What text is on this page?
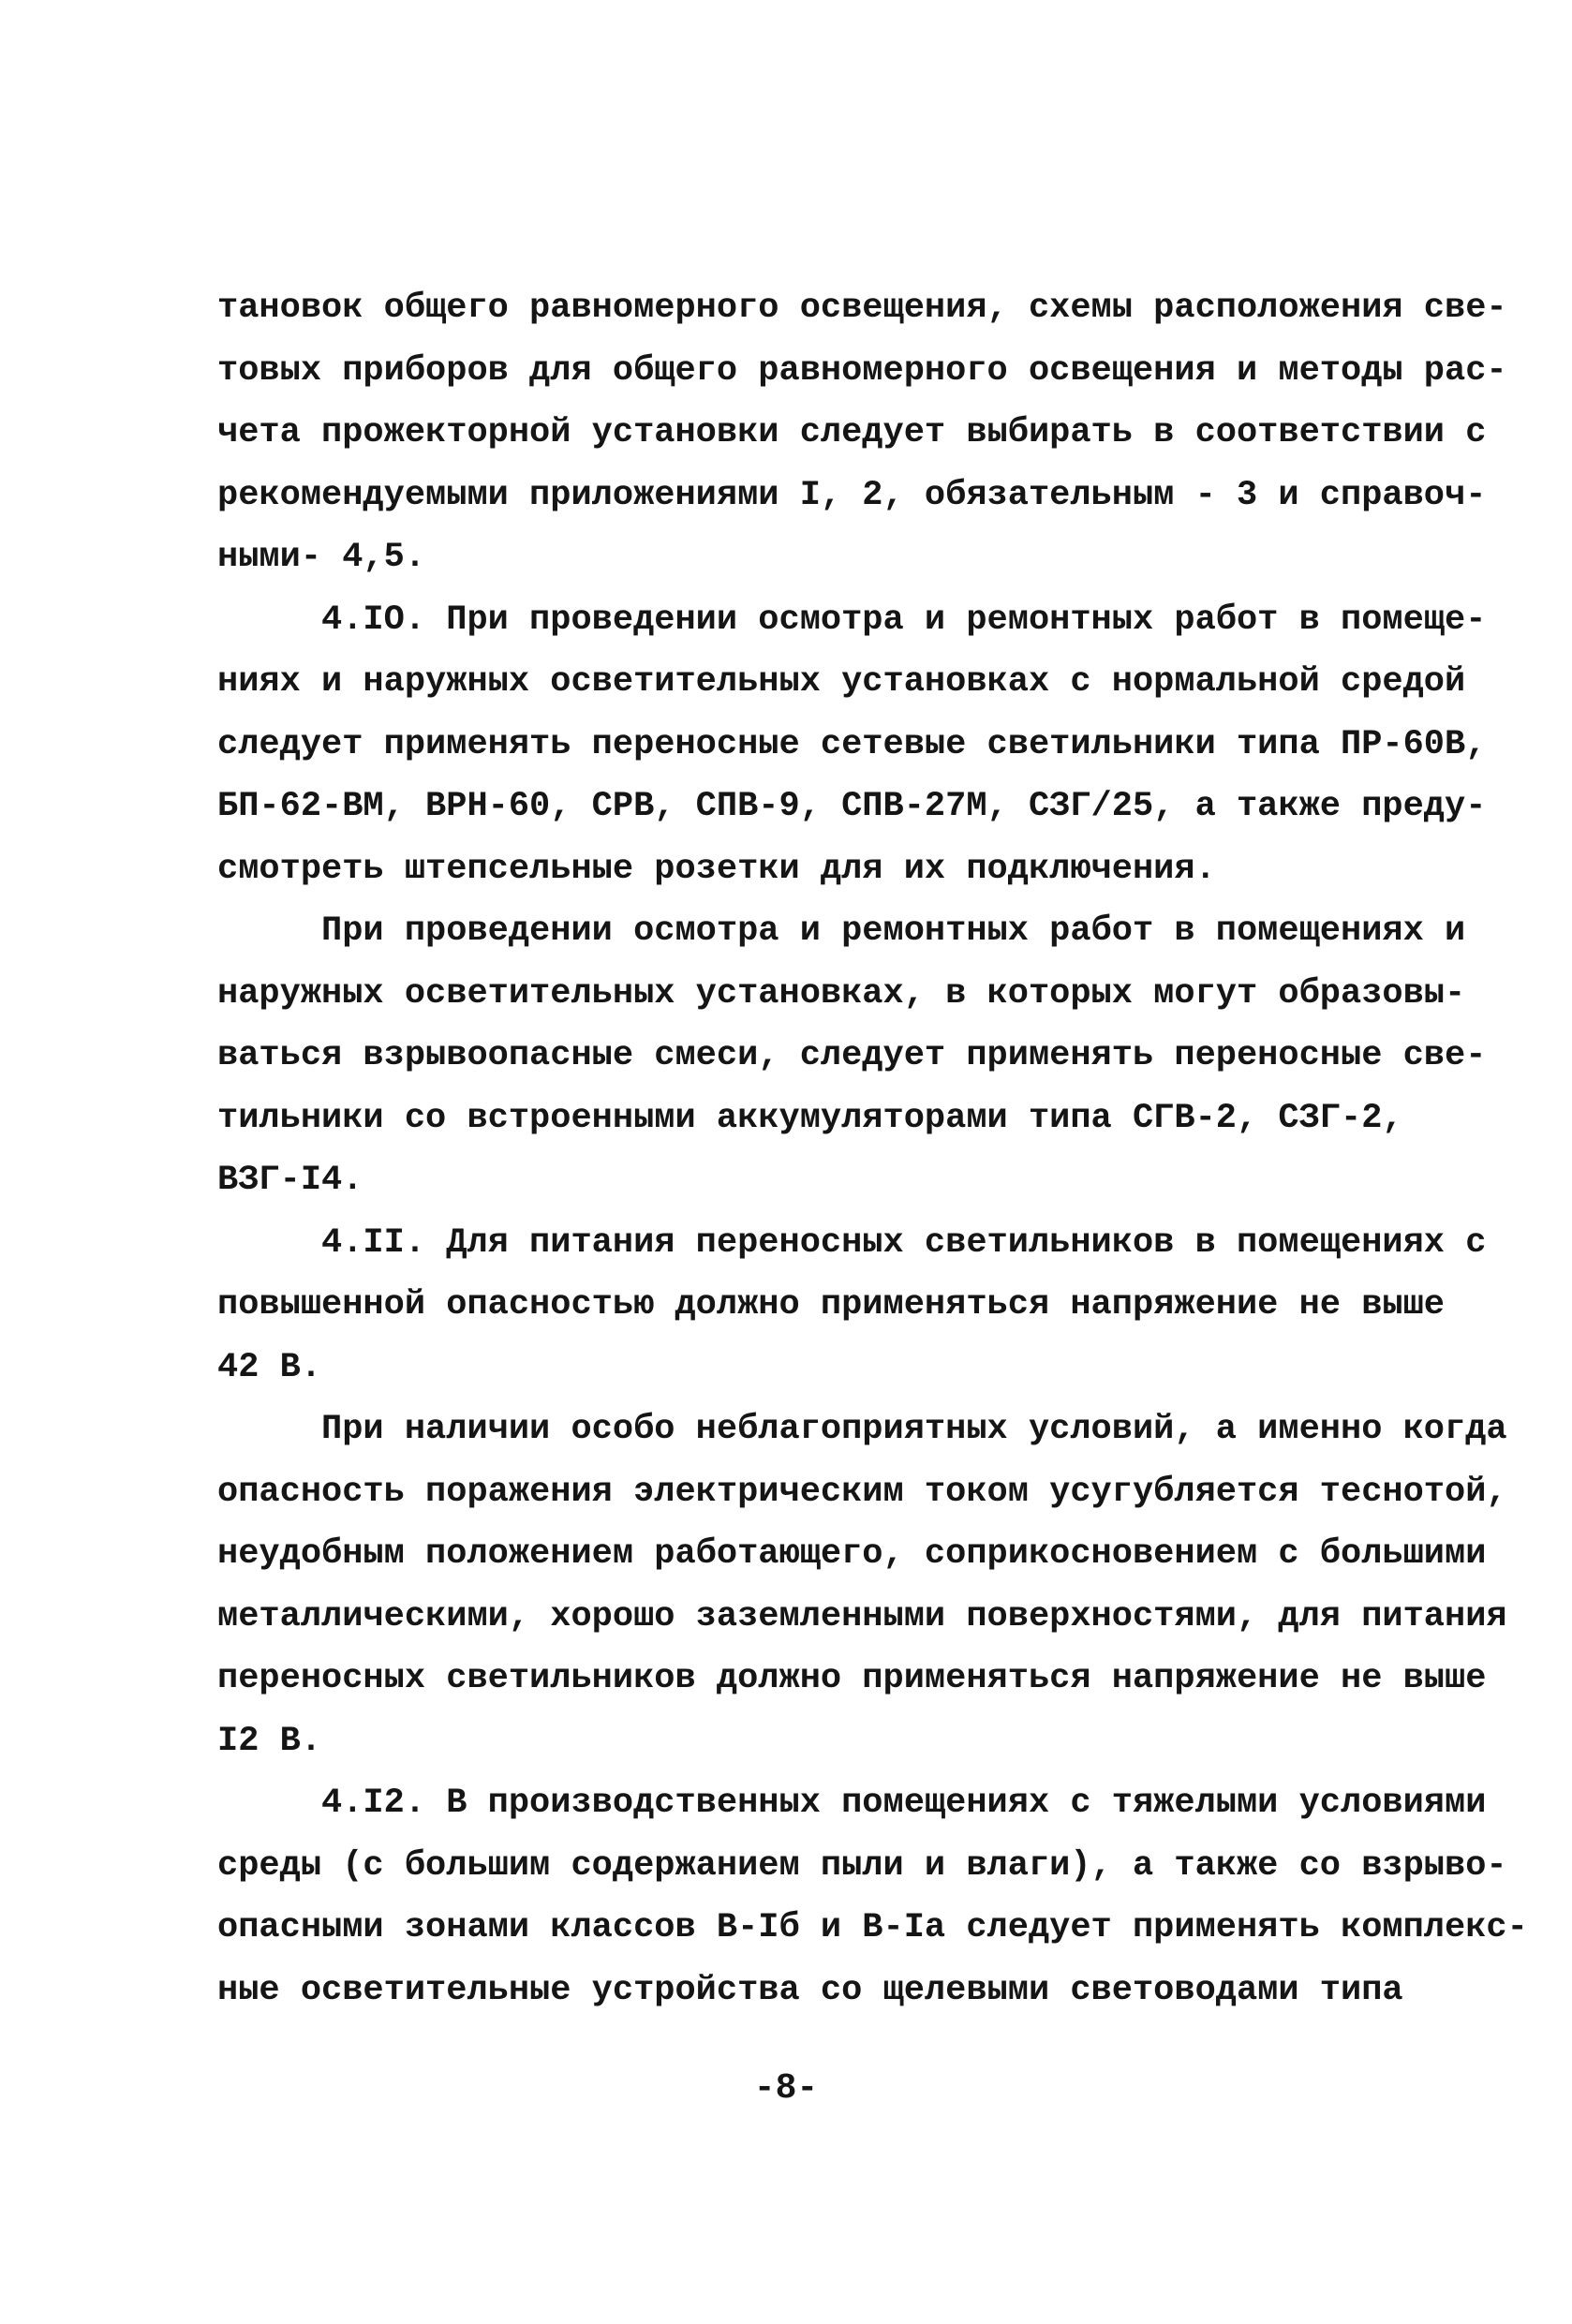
тановок общего равномерного освещения, схемы расположения све-
товых приборов для общего равномерного освещения и методы рас-
чета прожекторной установки следует выбирать в соответствии с
рекомендуемыми приложениями I, 2, обязательным - 3 и справоч-
ными- 4,5.
4.IO. При проведении осмотра и ремонтных работ в помеще-
ниях и наружных осветительных установках с нормальной средой
следует применять переносные сетевые светильники типа ПР-60В,
БП-62-ВМ, ВРН-60, СРВ, СПВ-9, СПВ-27М, СЗГ/25, а также преду-
смотреть штепсельные розетки для их подключения.
При проведении осмотра и ремонтных работ в помещениях и
наружных осветительных установках, в которых могут образовы-
ваться взрывоопасные смеси, следует применять переносные све-
тильники со встроенными аккумуляторами типа СГВ-2, СЗГ-2,
ВЗГ-I4.
4.II. Для питания переносных светильников в помещениях с
повышенной опасностью должно применяться напряжение не выше
42 В.
При наличии особо неблагоприятных условий, а именно когда
опасность поражения электрическим током усугубляется теснотой,
неудобным положением работающего, соприкосновением с большими
металлическими, хорошо заземленными поверхностями, для питания
переносных светильников должно применяться напряжение не выше
I2 В.
4.I2. В производственных помещениях с тяжелыми условиями
среды (с большим содержанием пыли и влаги), а также со взрыво-
опасными зонами классов В-Iб и В-Iа следует применять комплекс-
ные осветительные устройства со щелевыми световодами типа
-8-
